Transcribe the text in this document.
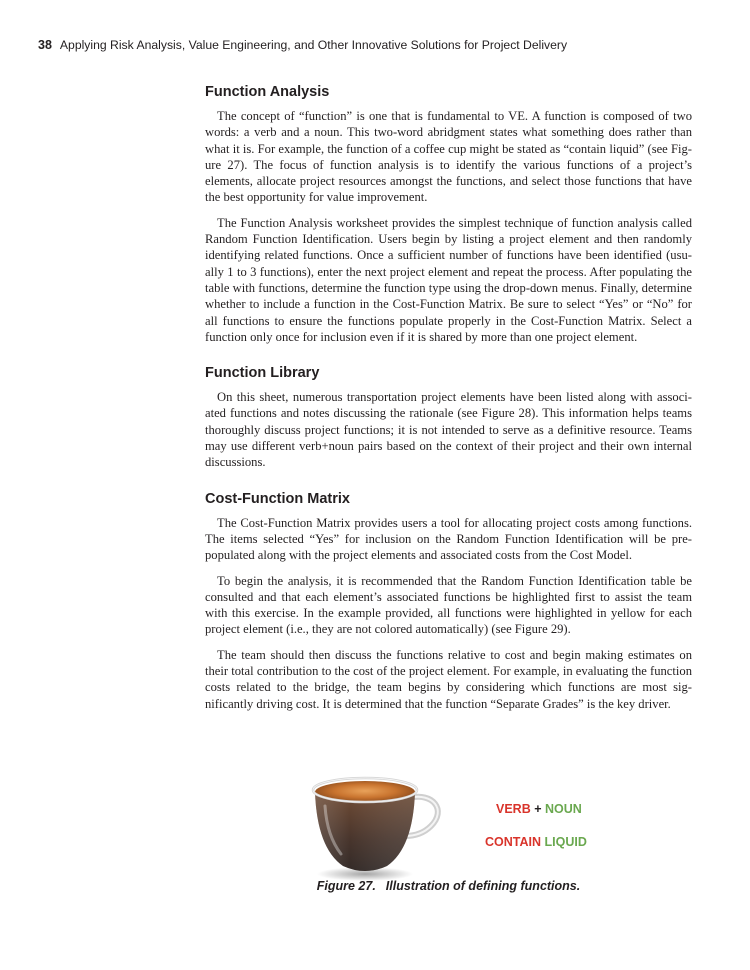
38 Applying Risk Analysis, Value Engineering, and Other Innovative Solutions for Project Delivery
Function Analysis

The concept of “function” is one that is fundamental to VE. A function is composed of two words: a verb and a noun. This two-word abridgment states what something does rather than what it is. For example, the function of a coffee cup might be stated as “contain liquid” (see Figure 27). The focus of function analysis is to identify the various functions of a project’s elements, allocate project resources amongst the functions, and select those functions that have the best opportunity for value improvement.

The Function Analysis worksheet provides the simplest technique of function analysis called Random Function Identification. Users begin by listing a project element and then randomly identifying related functions. Once a sufficient number of functions have been identified (usually 1 to 3 functions), enter the next project element and repeat the process. After populating the table with functions, determine the function type using the drop-down menus. Finally, determine whether to include a function in the Cost-Function Matrix. Be sure to select “Yes” or “No” for all functions to ensure the functions populate properly in the Cost-Function Matrix. Select a function only once for inclusion even if it is shared by more than one project element.

Function Library

On this sheet, numerous transportation project elements have been listed along with associated functions and notes discussing the rationale (see Figure 28). This information helps teams thoroughly discuss project functions; it is not intended to serve as a definitive resource. Teams may use different verb+noun pairs based on the context of their project and their own internal discussions.

Cost-Function Matrix

The Cost-Function Matrix provides users a tool for allocating project costs among functions. The items selected “Yes” for inclusion on the Random Function Identification will be pre-populated along with the project elements and associated costs from the Cost Model.

To begin the analysis, it is recommended that the Random Function Identification table be consulted and that each element’s associated functions be highlighted first to assist the team with this exercise. In the example provided, all functions were highlighted in yellow for each project element (i.e., they are not colored automatically) (see Figure 29).

The team should then discuss the functions relative to cost and begin making estimates on their total contribution to the cost of the project element. For example, in evaluating the function costs related to the bridge, the team begins by considering which functions are most significantly driving cost. It is determined that the function “Separate Grades” is the key driver.

VERB + NOUN
CONTAIN LIQUID
Figure 27. Illustration of defining functions.
